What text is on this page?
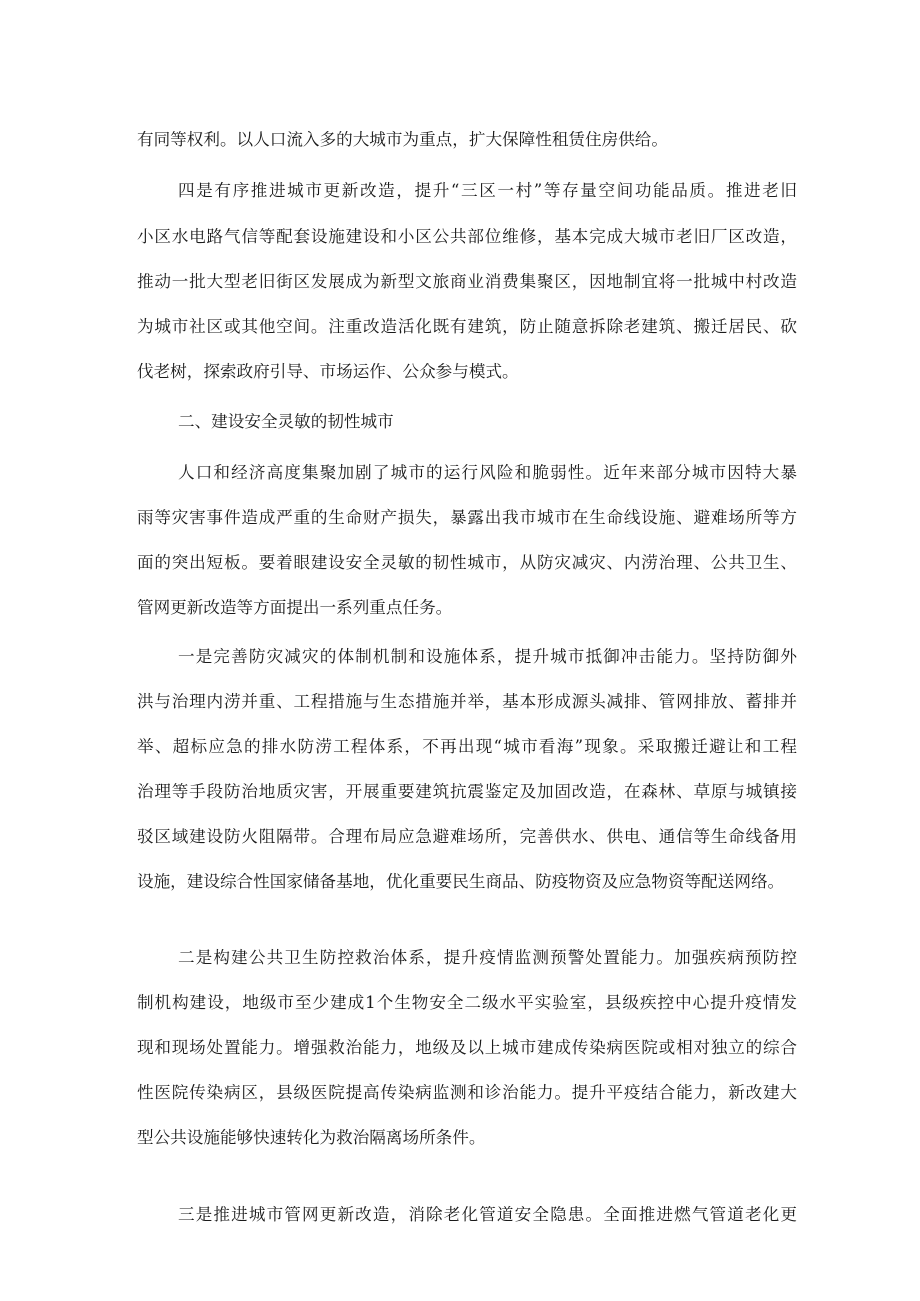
有同等权利。以人口流入多的大城市为重点，扩大保障性租赁住房供给。
四是有序推进城市更新改造，提升“三区一村”等存量空间功能品质。推进老旧
小区水电路气信等配套设施建设和小区公共部位维修，基本完成大城市老旧厂区改造，
推动一批大型老旧街区发展成为新型文旅商业消费集聚区，因地制宜将一批城中村改造
为城市社区或其他空间。注重改造活化既有建筑，防止随意拆除老建筑、搬迁居民、砍
伐老树，探索政府引导、市场运作、公众参与模式。
二、建设安全灵敏的韧性城市
人口和经济高度集聚加剧了城市的运行风险和脆弱性。近年来部分城市因特大暴
雨等灾害事件造成严重的生命财产损失，暴露出我市城市在生命线设施、避难场所等方
面的突出短板。要着眼建设安全灵敏的韧性城市，从防灾减灾、内涝治理、公共卫生、
管网更新改造等方面提出一系列重点任务。
一是完善防灾减灾的体制机制和设施体系，提升城市抵御冲击能力。坚持防御外
洪与治理内涝并重、工程措施与生态措施并举，基本形成源头减排、管网排放、蓄排并
举、超标应急的排水防涝工程体系，不再出现“城市看海”现象。采取搬迁避让和工程
治理等手段防治地质灾害，开展重要建筑抗震鉴定及加固改造，在森林、草原与城镇接
驳区域建设防火阻隔带。合理布局应急避难场所，完善供水、供电、通信等生命线备用
设施，建设综合性国家储备基地，优化重要民生商品、防疫物资及应急物资等配送网络。
二是构建公共卫生防控救治体系，提升疫情监测预警处置能力。加强疾病预防控
制机构建设，地级市至少建成1个生物安全二级水平实验室，县级疾控中心提升疫情发
现和现场处置能力。增强救治能力，地级及以上城市建成传染病医院或相对独立的综合
性医院传染病区，县级医院提高传染病监测和诊治能力。提升平疫结合能力，新改建大
型公共设施能够快速转化为救治隔离场所条件。
三是推进城市管网更新改造，消除老化管道安全隐患。全面推进燃气管道老化更
